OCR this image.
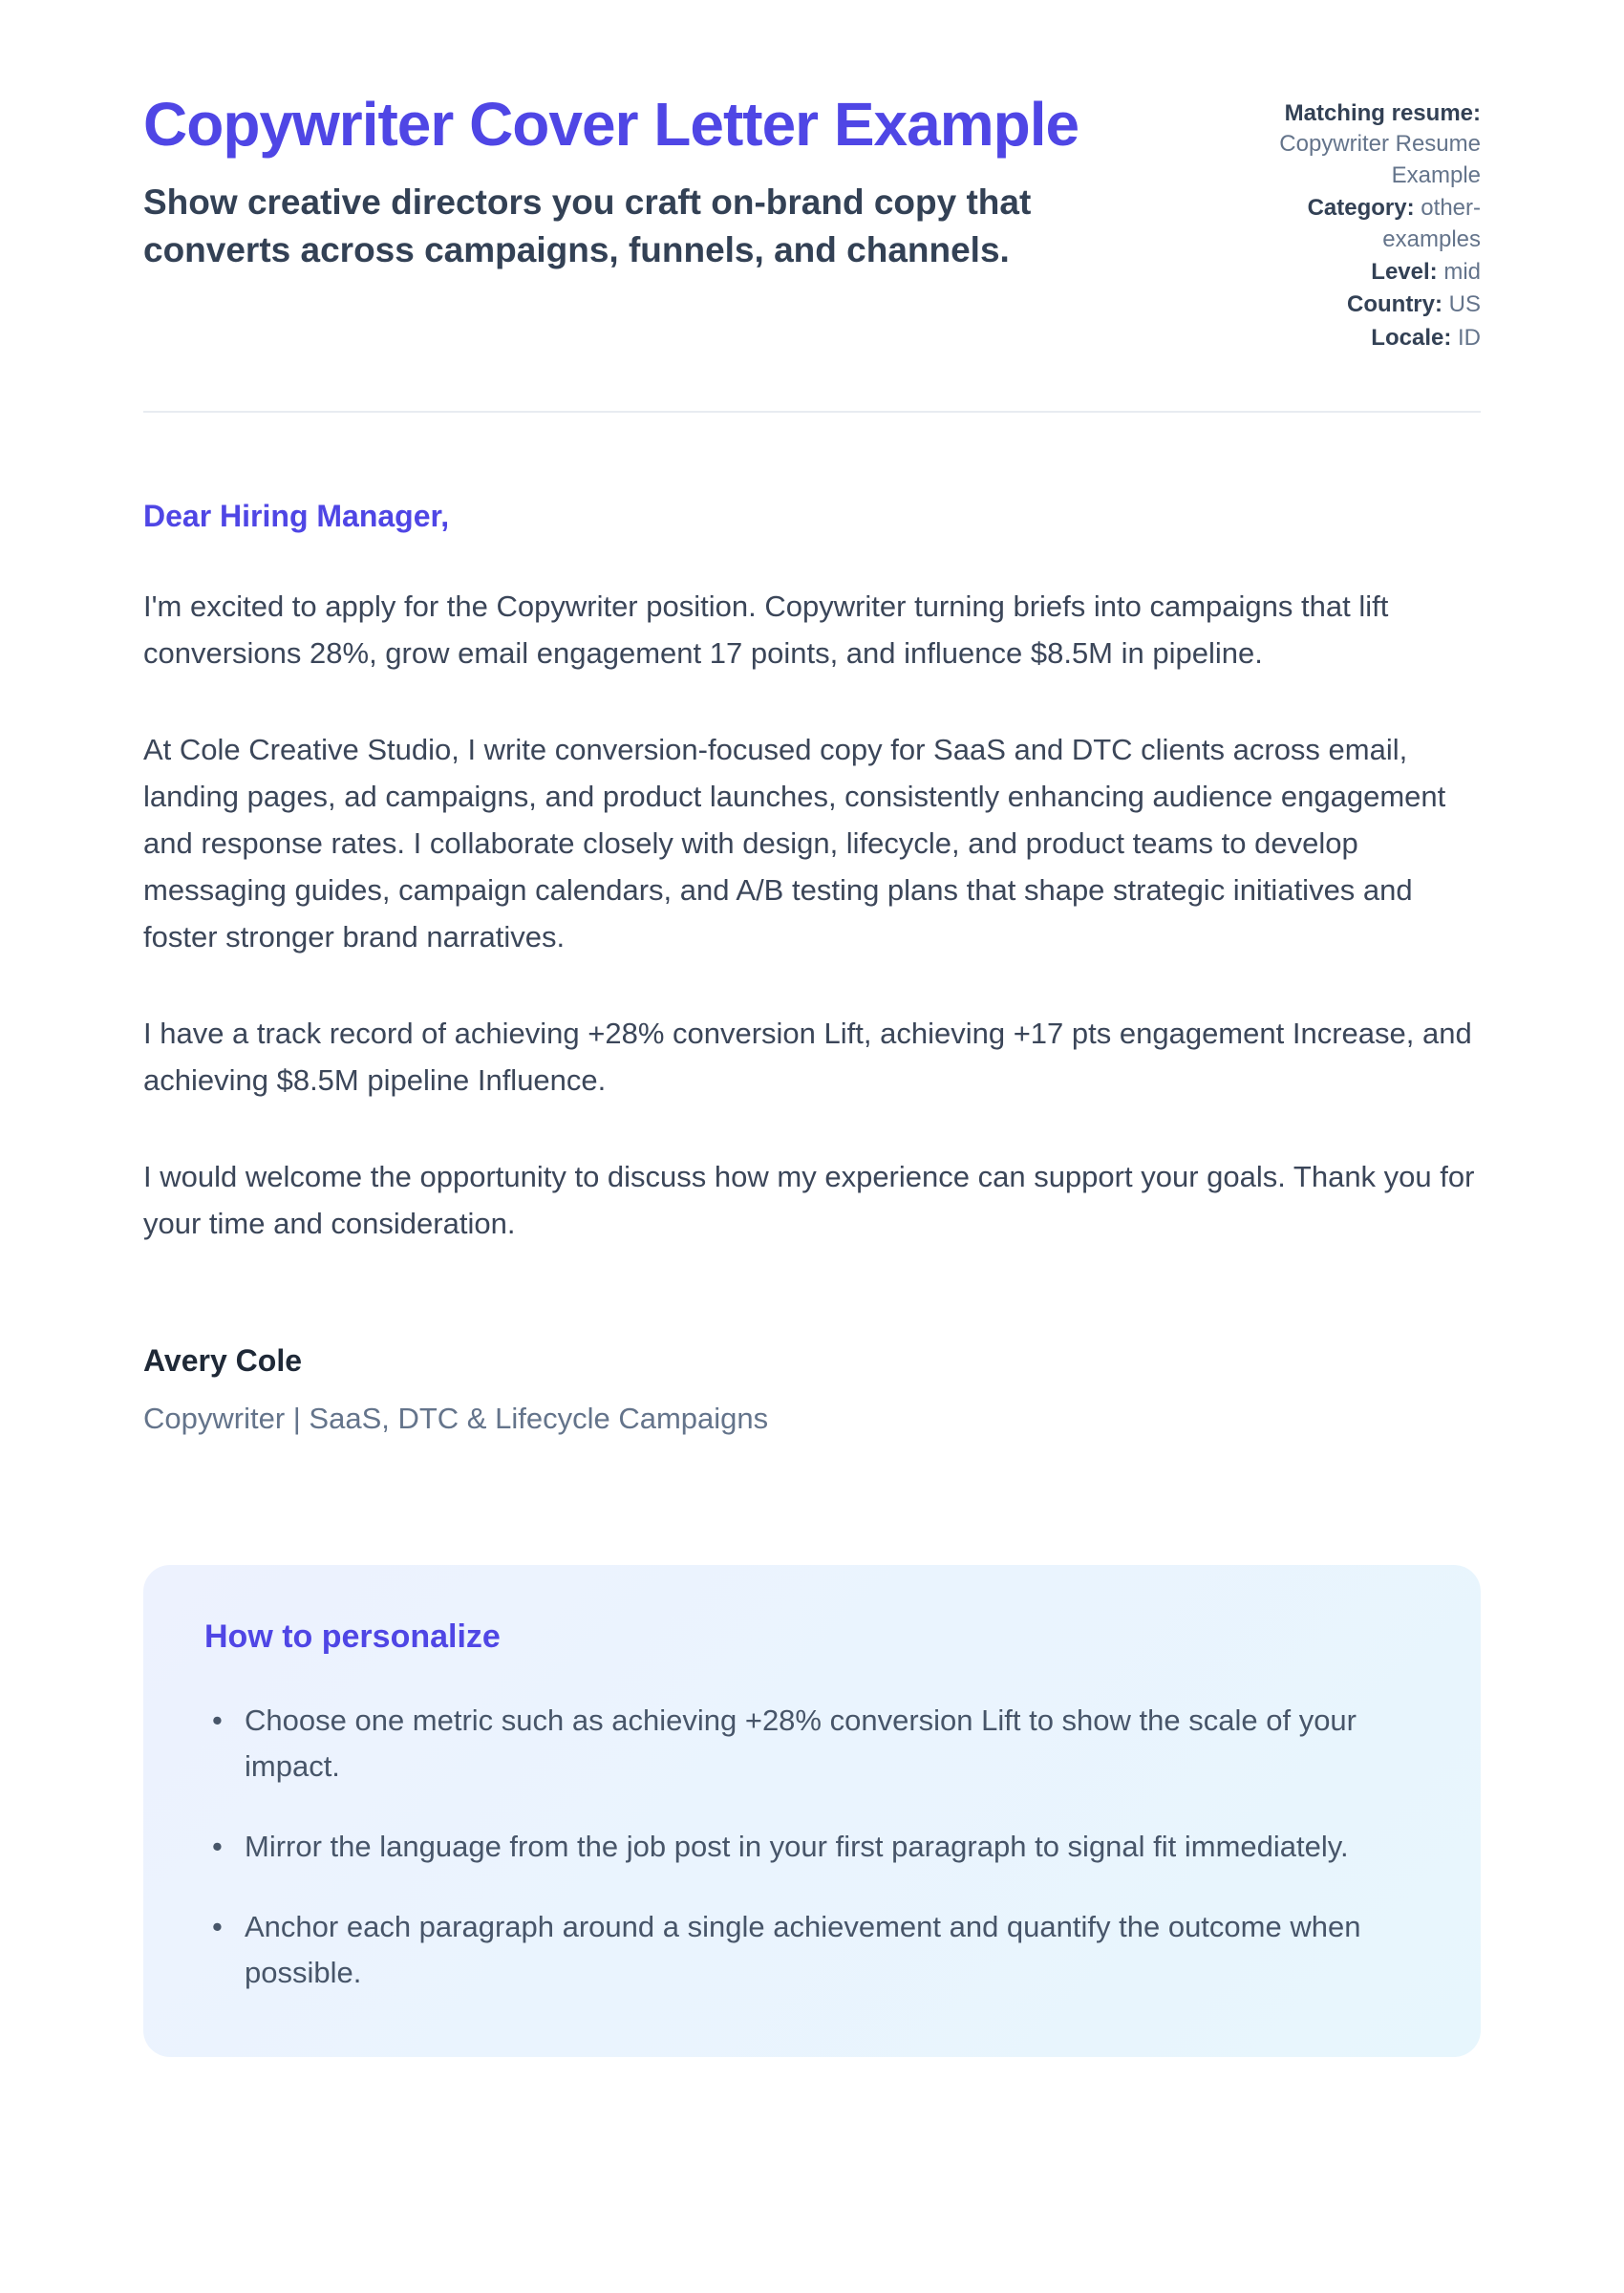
Copywriter Cover Letter Example
Show creative directors you craft on-brand copy that converts across campaigns, funnels, and channels.
Matching resume: Copywriter Resume Example
Category: other-examples
Level: mid
Country: US
Locale: ID
Dear Hiring Manager,

I'm excited to apply for the Copywriter position. Copywriter turning briefs into campaigns that lift conversions 28%, grow email engagement 17 points, and influence $8.5M in pipeline.

At Cole Creative Studio, I write conversion-focused copy for SaaS and DTC clients across email, landing pages, ad campaigns, and product launches, consistently enhancing audience engagement and response rates. I collaborate closely with design, lifecycle, and product teams to develop messaging guides, campaign calendars, and A/B testing plans that shape strategic initiatives and foster stronger brand narratives.

I have a track record of achieving +28% conversion Lift, achieving +17 pts engagement Increase, and achieving $8.5M pipeline Influence.

I would welcome the opportunity to discuss how my experience can support your goals. Thank you for your time and consideration.

Avery Cole
Copywriter | SaaS, DTC & Lifecycle Campaigns
How to personalize
• Choose one metric such as achieving +28% conversion Lift to show the scale of your impact.
• Mirror the language from the job post in your first paragraph to signal fit immediately.
• Anchor each paragraph around a single achievement and quantify the outcome when possible.
